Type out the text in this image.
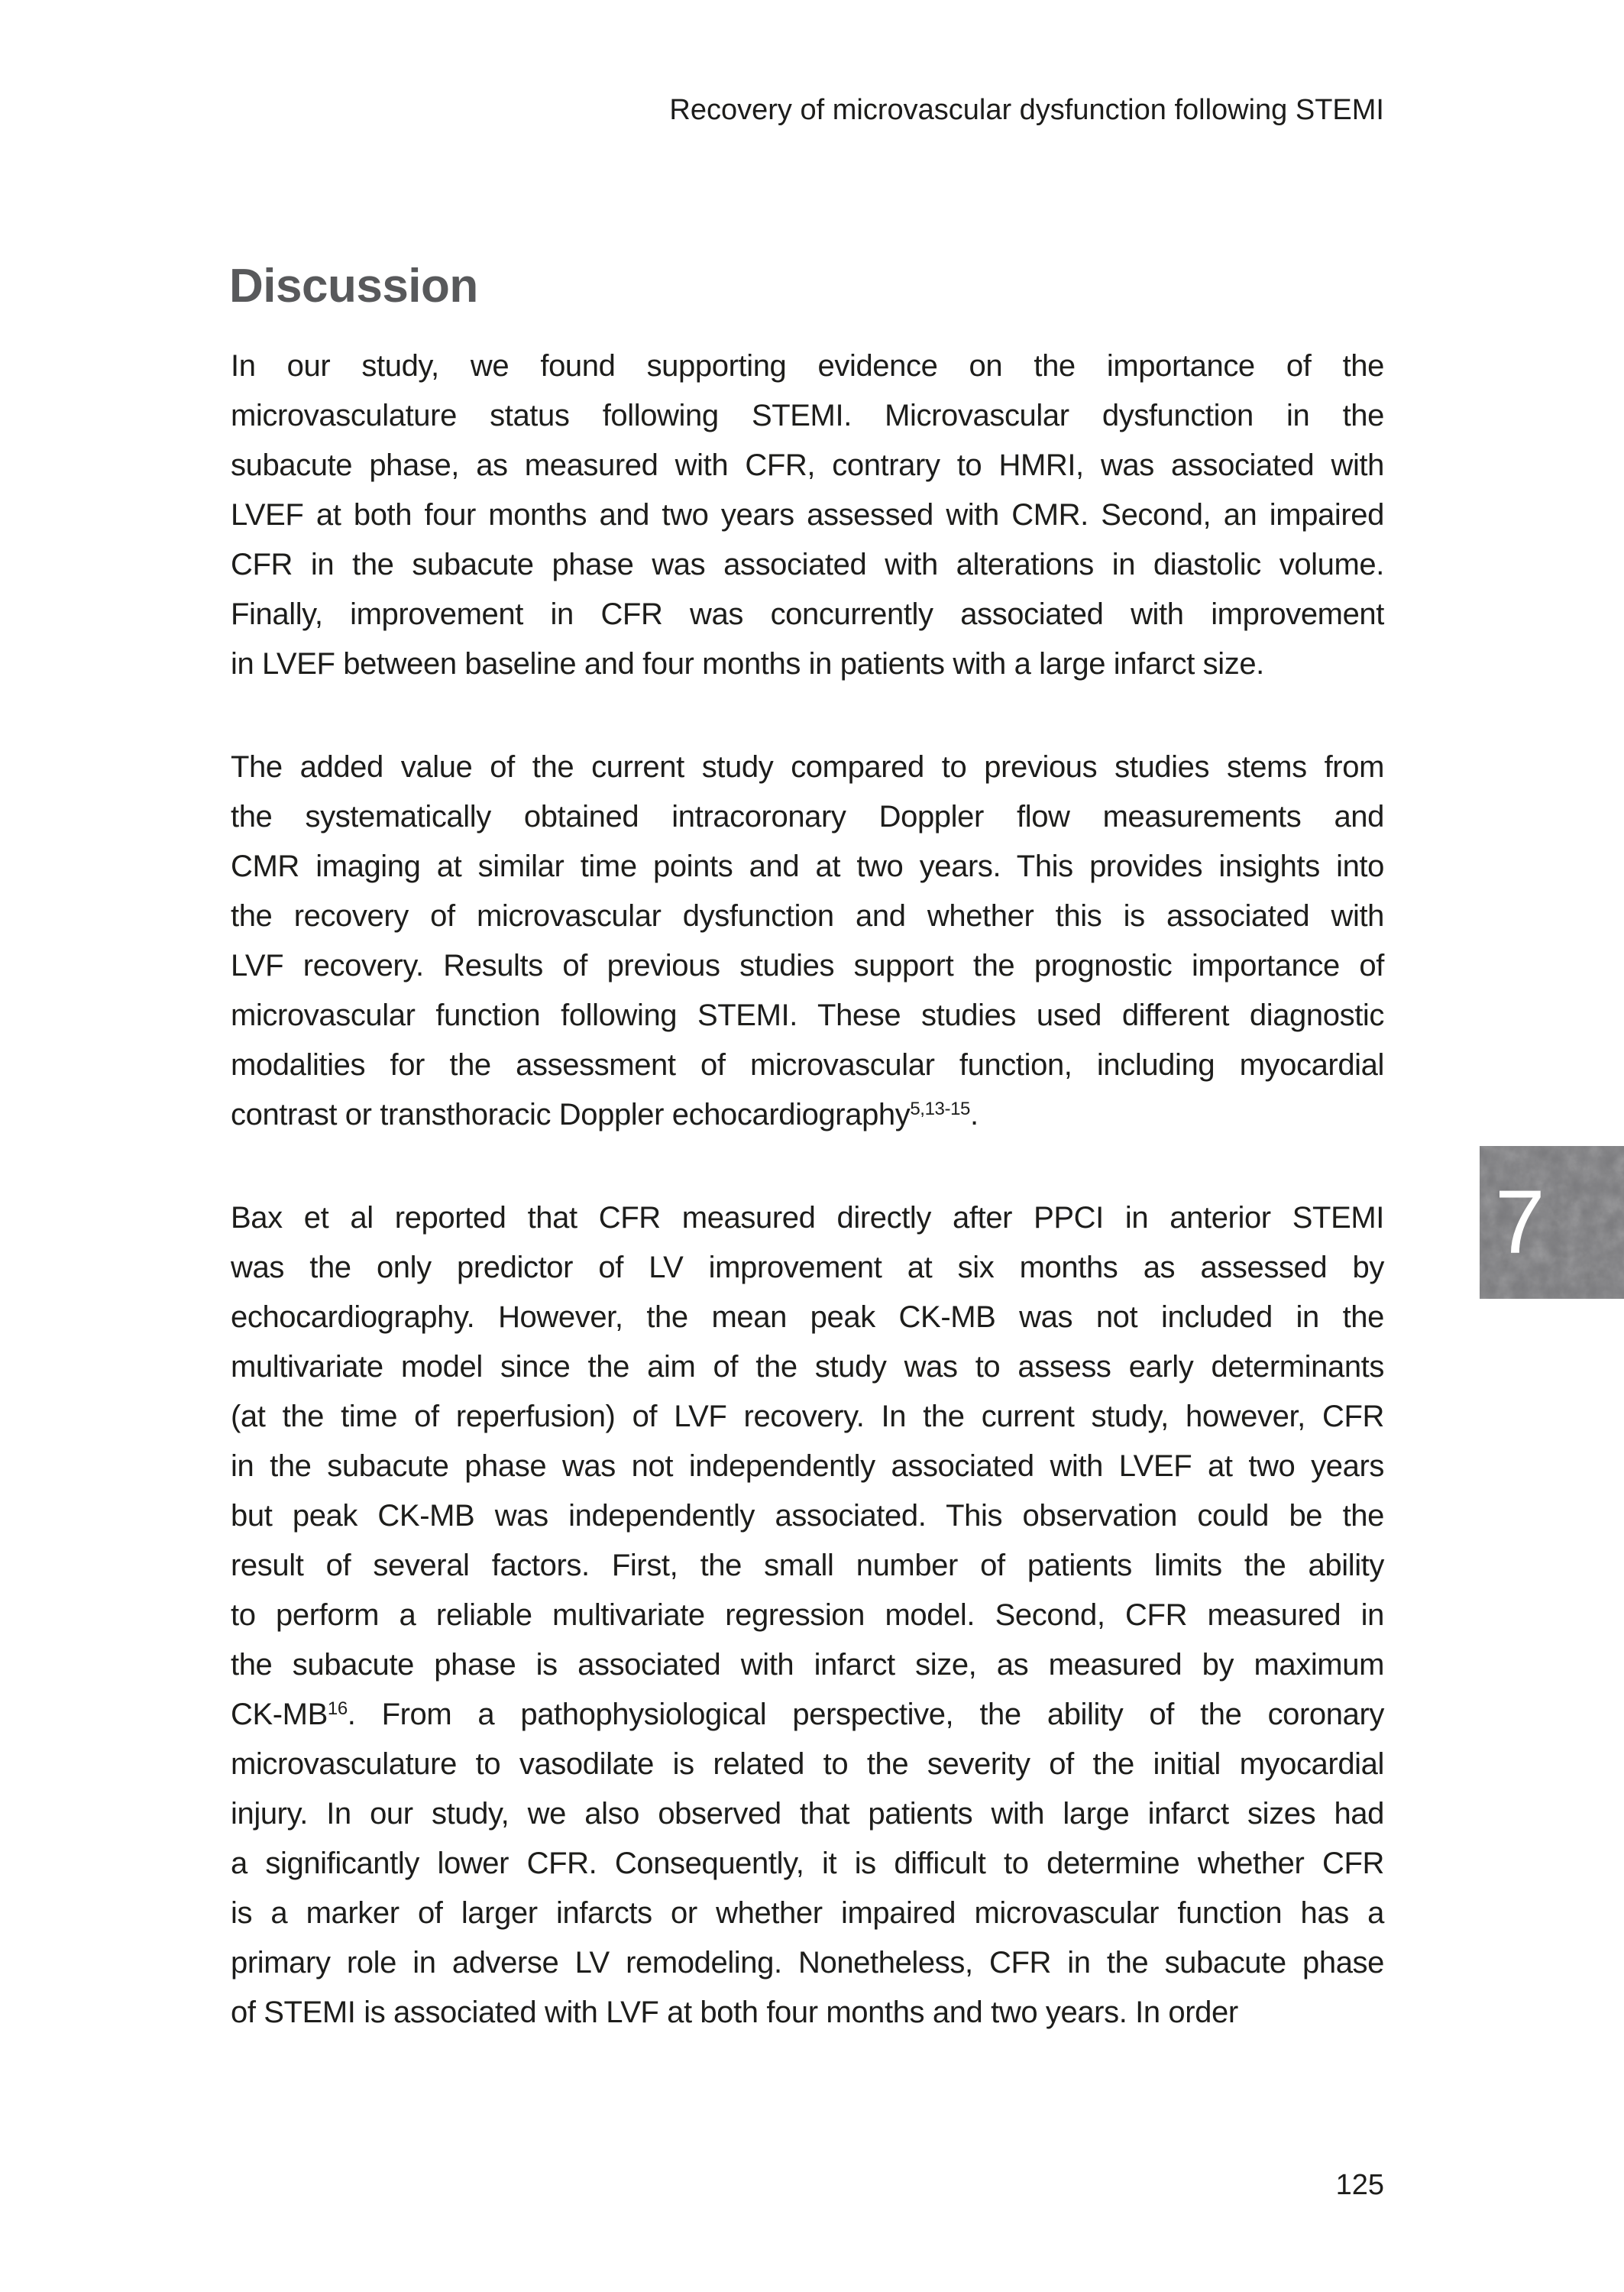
Recovery of microvascular dysfunction following STEMI
Discussion
In our study, we found supporting evidence on the importance of the
microvasculature status following STEMI. Microvascular dysfunction in the
subacute phase, as measured with CFR, contrary to HMRI, was associated with
LVEF at both four months and two years assessed with CMR. Second, an impaired
CFR in the subacute phase was associated with alterations in diastolic volume.
Finally, improvement in CFR was concurrently associated with improvement
in LVEF between baseline and four months in patients with a large infarct size.
The added value of the current study compared to previous studies stems from
the systematically obtained intracoronary Doppler flow measurements and
CMR imaging at similar time points and at two years. This provides insights into
the recovery of microvascular dysfunction and whether this is associated with
LVF recovery. Results of previous studies support the prognostic importance of
microvascular function following STEMI. These studies used different diagnostic
modalities for the assessment of microvascular function, including myocardial
contrast or transthoracic Doppler echocardiography$^{5,13-15}$.
Bax et al reported that CFR measured directly after PPCI in anterior STEMI
was the only predictor of LV improvement at six months as assessed by
echocardiography. However, the mean peak CK-MB was not included in the
multivariate model since the aim of the study was to assess early determinants
(at the time of reperfusion) of LVF recovery. In the current study, however, CFR
in the subacute phase was not independently associated with LVEF at two years
but peak CK-MB was independently associated. This observation could be the
result of several factors. First, the small number of patients limits the ability
to perform a reliable multivariate regression model. Second, CFR measured in
the subacute phase is associated with infarct size, as measured by maximum
CK-MB$^{16}$. From a pathophysiological perspective, the ability of the coronary
microvasculature to vasodilate is related to the severity of the initial myocardial
injury. In our study, we also observed that patients with large infarct sizes had
a significantly lower CFR. Consequently, it is difficult to determine whether CFR
is a marker of larger infarcts or whether impaired microvascular function has a
primary role in adverse LV remodeling. Nonetheless, CFR in the subacute phase
of STEMI is associated with LVF at both four months and two years. In order
7
125
